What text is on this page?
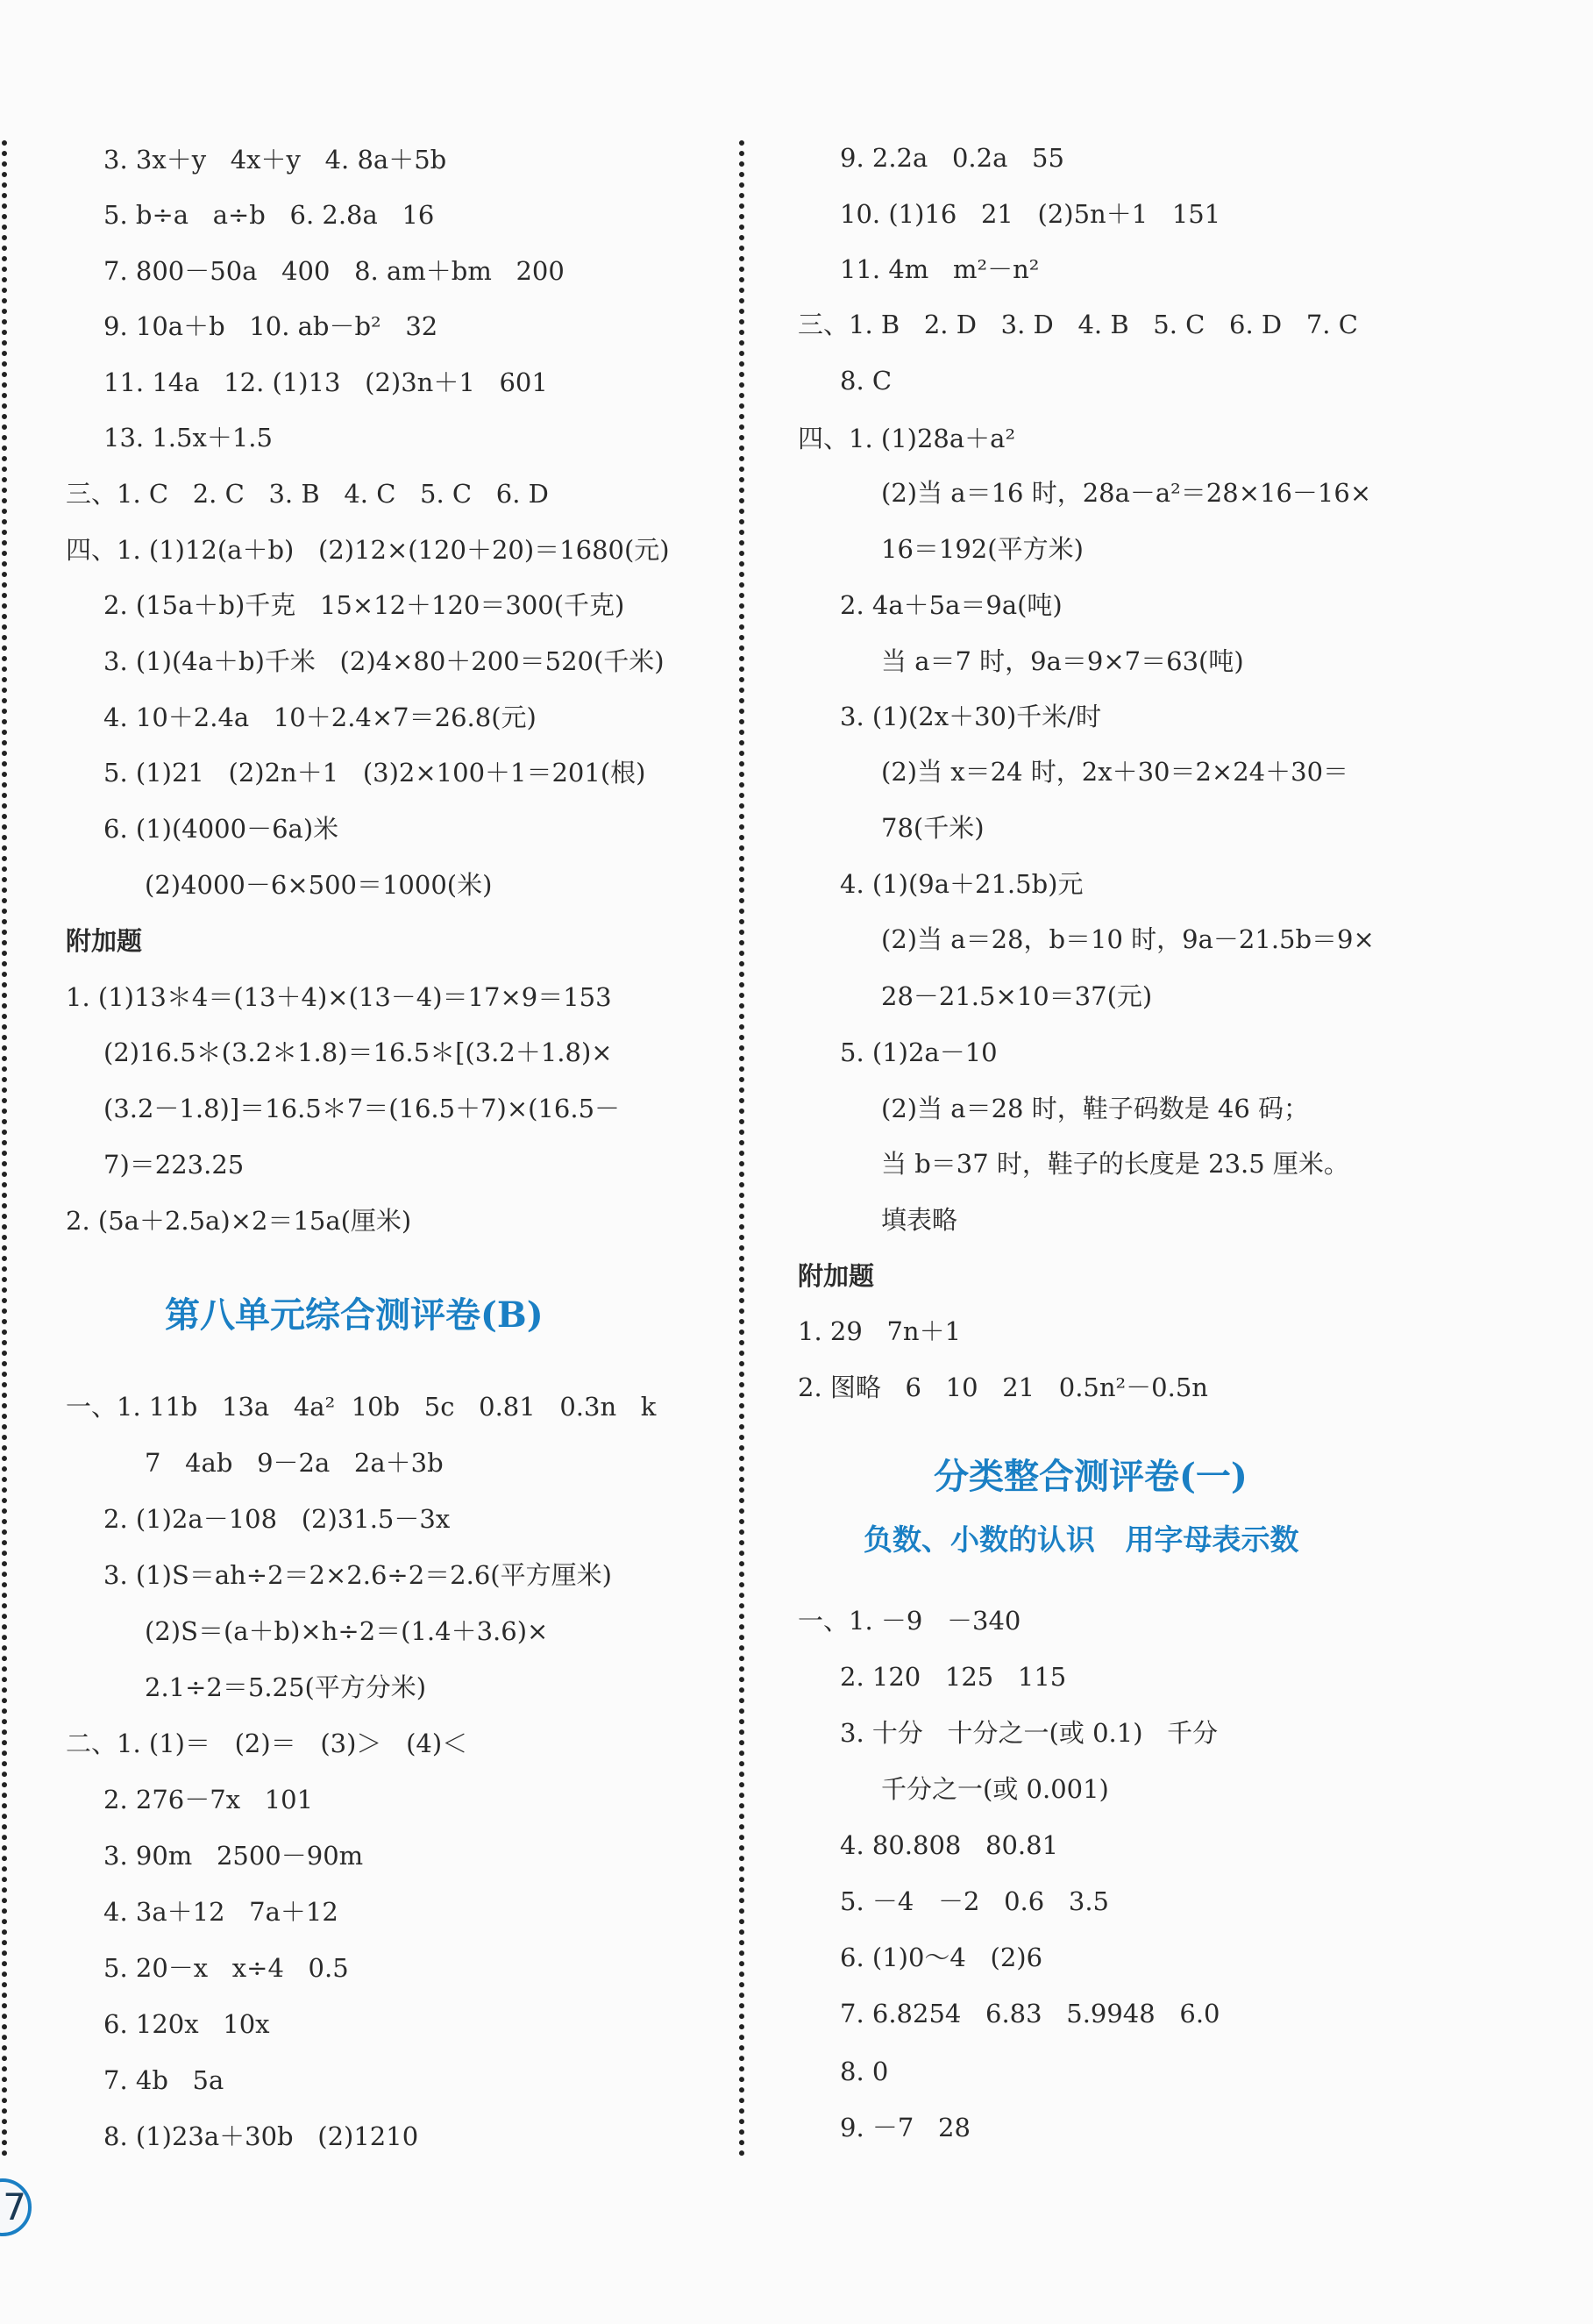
3. 3x＋y   4x＋y   4. 8a＋5b
5. b÷a   a÷b   6. 2.8a   16
7. 800－50a   400   8. am＋bm   200
9. 10a＋b   10. ab－b²   32
11. 14a   12. (1)13   (2)3n＋1   601
13. 1.5x＋1.5
三、1. C   2. C   3. B   4. C   5. C   6. D
四、1. (1)12(a＋b)   (2)12×(120＋20)＝1680(元)
2. (15a＋b)千克   15×12＋120＝300(千克)
3. (1)(4a＋b)千米   (2)4×80＋200＝520(千米)
4. 10＋2.4a   10＋2.4×7＝26.8(元)
5. (1)21   (2)2n＋1   (3)2×100＋1＝201(根)
6. (1)(4000－6a)米
(2)4000－6×500＝1000(米)
附加题
1. (1)13＊4＝(13＋4)×(13－4)＝17×9＝153
(2)16.5＊(3.2＊1.8)＝16.5＊[(3.2＋1.8)×
(3.2－1.8)]＝16.5＊7＝(16.5＋7)×(16.5－
7)＝223.25
2. (5a＋2.5a)×2＝15a(厘米)
第八单元综合测评卷(B)
一、1. 11b   13a   4a²  10b   5c   0.81   0.3n   k
7   4ab   9－2a   2a＋3b
2. (1)2a－108   (2)31.5－3x
3. (1)S＝ah÷2＝2×2.6÷2＝2.6(平方厘米)
(2)S＝(a＋b)×h÷2＝(1.4＋3.6)×
2.1÷2＝5.25(平方分米)
二、1. (1)＝   (2)＝   (3)＞   (4)＜
2. 276－7x   101
3. 90m   2500－90m
4. 3a＋12   7a＋12
5. 20－x   x÷4   0.5
6. 120x   10x
7. 4b   5a
8. (1)23a＋30b   (2)1210
9. 2.2a   0.2a   55
10. (1)16   21   (2)5n＋1   151
11. 4m   m²－n²
三、1. B   2. D   3. D   4. B   5. C   6. D   7. C
8. C
四、1. (1)28a＋a²
(2)当 a＝16 时，28a－a²＝28×16－16×
16＝192(平方米)
2. 4a＋5a＝9a(吨)
当 a＝7 时，9a＝9×7＝63(吨)
3. (1)(2x＋30)千米/时
(2)当 x＝24 时，2x＋30＝2×24＋30＝
78(千米)
4. (1)(9a＋21.5b)元
(2)当 a＝28，b＝10 时，9a－21.5b＝9×
28－21.5×10＝37(元)
5. (1)2a－10
(2)当 a＝28 时，鞋子码数是 46 码；
当 b＝37 时，鞋子的长度是 23.5 厘米。
填表略
附加题
1. 29   7n＋1
2. 图略   6   10   21   0.5n²－0.5n
分类整合测评卷(一)
负数、小数的认识   用字母表示数
一、1. －9   －340
2. 120   125   115
3. 十分   十分之一(或 0.1)   千分
千分之一(或 0.001)
4. 80.808   80.81
5. －4   －2   0.6   3.5
6. (1)0～4   (2)6
7. 6.8254   6.83   5.9948   6.0
8. 0
9. －7   28
7
